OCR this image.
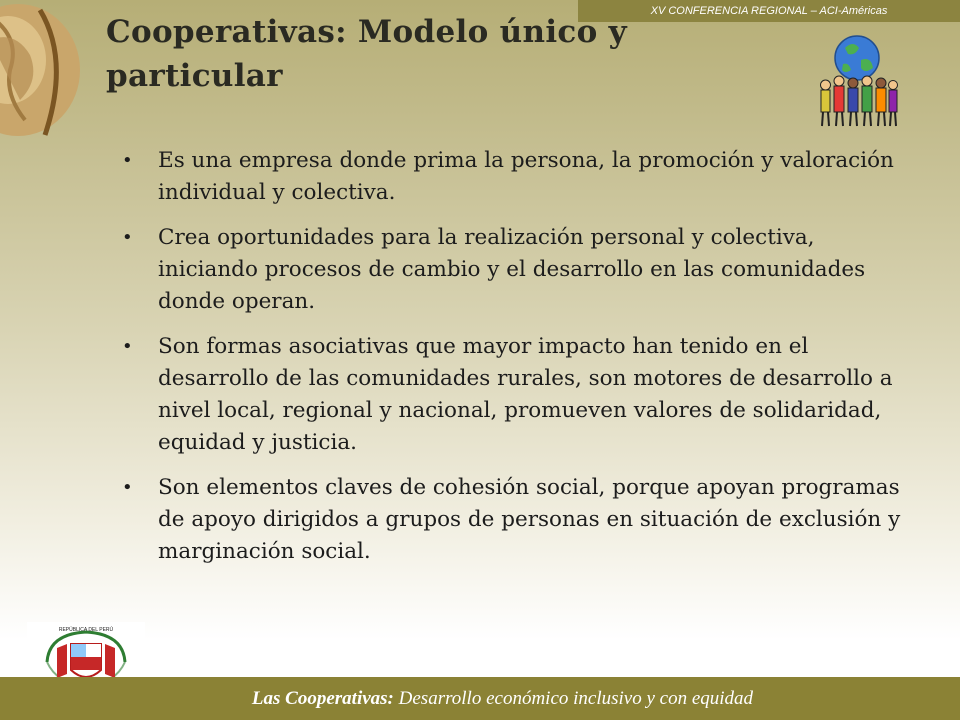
XV CONFERENCIA REGIONAL – ACI-Américas
Cooperativas: Modelo único y particular
• Es una empresa donde prima la persona, la promoción y valoración individual y colectiva.
• Crea oportunidades para la realización personal y colectiva, iniciando procesos de cambio y el desarrollo en las comunidades donde operan.
• Son formas asociativas que mayor impacto han tenido en el desarrollo de las comunidades rurales, son motores de desarrollo a nivel local, regional y nacional, promueven valores de solidaridad, equidad y justicia.
• Son elementos claves de cohesión social, porque apoyan programas de apoyo dirigidos a grupos de personas en situación de exclusión y marginación social.
REPÚBLICA DEL PERÚ
Las Cooperativas: Desarrollo económico inclusivo y con equidad
